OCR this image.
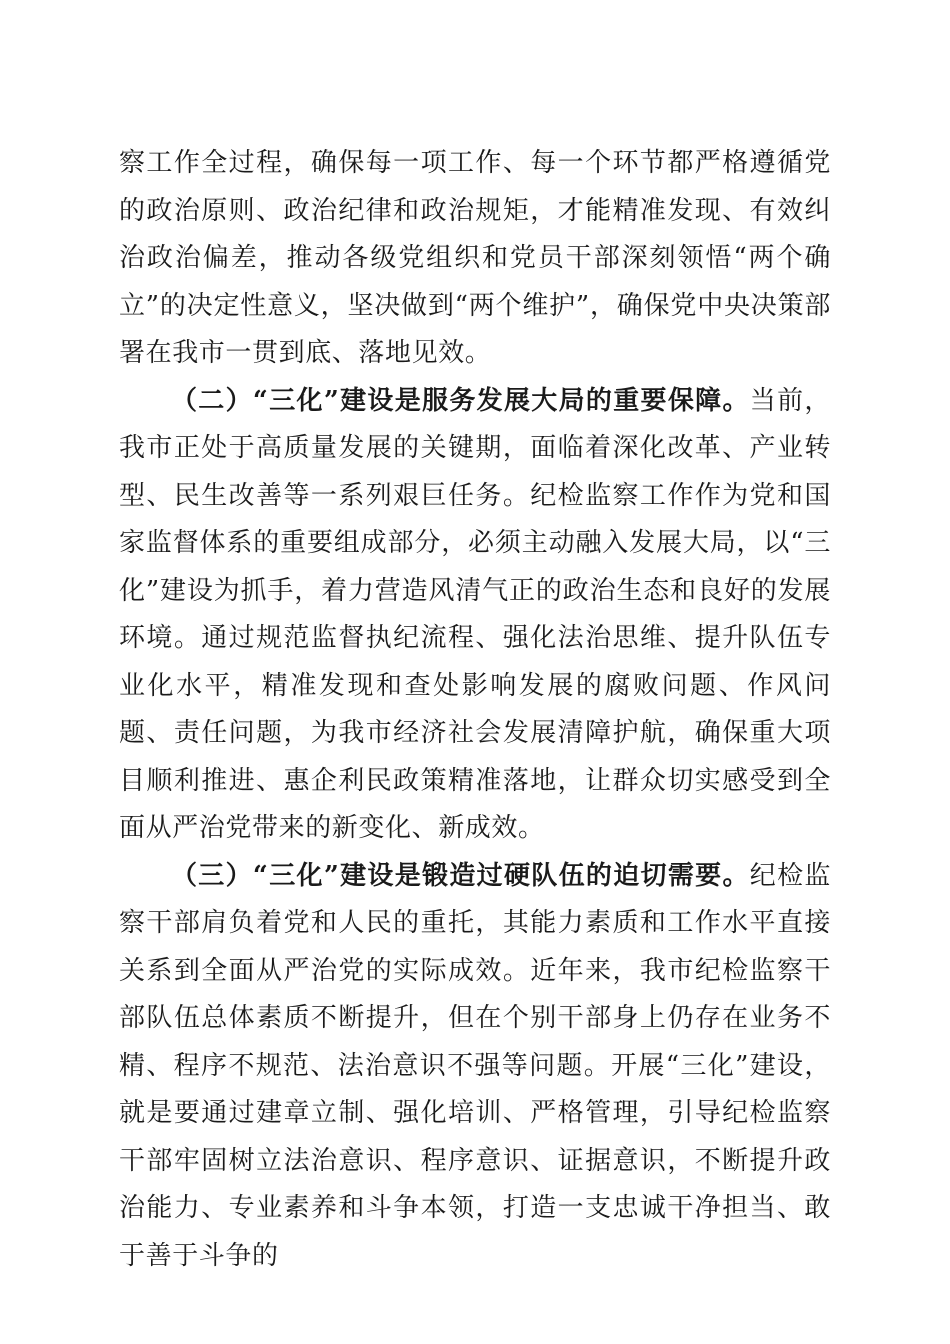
察工作全过程，确保每一项工作、每一个环节都严格遵循党的政治原则、政治纪律和政治规矩，才能精准发现、有效纠治政治偏差，推动各级党组织和党员干部深刻领悟“两个确立”的决定性意义，坚决做到“两个维护”，确保党中央决策部署在我市一贯到底、落地见效。

（二）“三化”建设是服务发展大局的重要保障。当前，我市正处于高质量发展的关键期，面临着深化改革、产业转型、民生改善等一系列艰巨任务。纪检监察工作作为党和国家监督体系的重要组成部分，必须主动融入发展大局，以“三化”建设为抓手，着力营造风清气正的政治生态和良好的发展环境。通过规范监督执纪流程、强化法治思维、提升队伍专业化水平，精准发现和查处影响发展的腐败问题、作风问题、责任问题，为我市经济社会发展清障护航，确保重大项目顺利推进、惠企利民政策精准落地，让群众切实感受到全面从严治党带来的新变化、新成效。

（三）“三化”建设是锻造过硬队伍的迫切需要。纪检监察干部肩负着党和人民的重托，其能力素质和工作水平直接关系到全面从严治党的实际成效。近年来，我市纪检监察干部队伍总体素质不断提升，但在个别干部身上仍存在业务不精、程序不规范、法治意识不强等问题。开展“三化”建设，就是要通过建章立制、强化培训、严格管理，引导纪检监察干部牢固树立法治意识、程序意识、证据意识，不断提升政治能力、专业素养和斗争本领，打造一支忠诚干净担当、敢于善于斗争的
